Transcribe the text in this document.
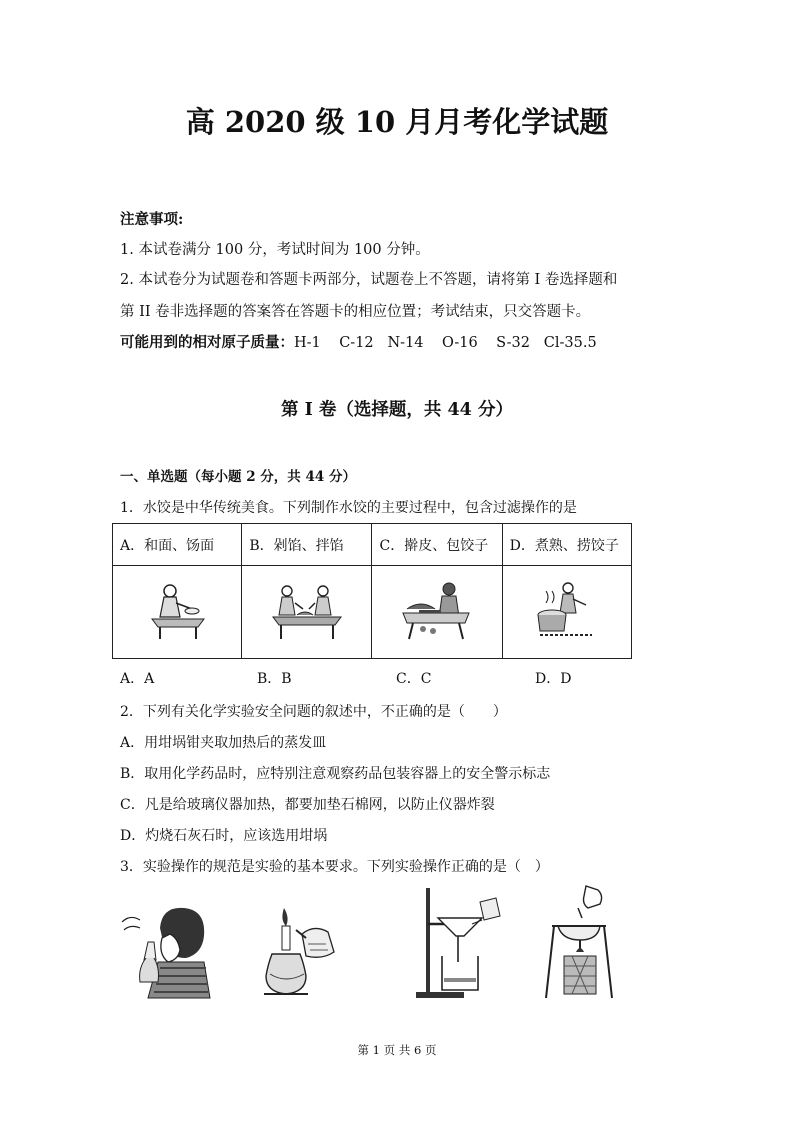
高 2020 级 10 月月考化学试题
注意事项:
1. 本试卷满分 100 分，考试时间为 100 分钟。
2. 本试卷分为试题卷和答题卡两部分，试题卷上不答题，请将第 I 卷选择题和
第 II 卷非选择题的答案答在答题卡的相应位置；考试结束，只交答题卡。
可能用到的相对原子质量：H-1    C-12   N-14    O-16    S-32   Cl-35.5
第 I 卷（选择题，共 44 分）
一、单选题（每小题 2 分，共 44 分）
1．水饺是中华传统美食。下列制作水饺的主要过程中，包含过滤操作的是
A．和面、饧面	B．剁馅、拌馅	C．擀皮、包饺子	D．煮熟、捞饺子

A．A	B．B	C．C	D．D
2．下列有关化学实验安全问题的叙述中，不正确的是（　　）
A．用坩埚钳夹取加热后的蒸发皿
B．取用化学药品时，应特别注意观察药品包装容器上的安全警示标志
C．凡是给玻璃仪器加热，都要加垫石棉网，以防止仪器炸裂
D．灼烧石灰石时，应该选用坩埚
3．实验操作的规范是实验的基本要求。下列实验操作正确的是（　）
第 1 页 共 6 页
